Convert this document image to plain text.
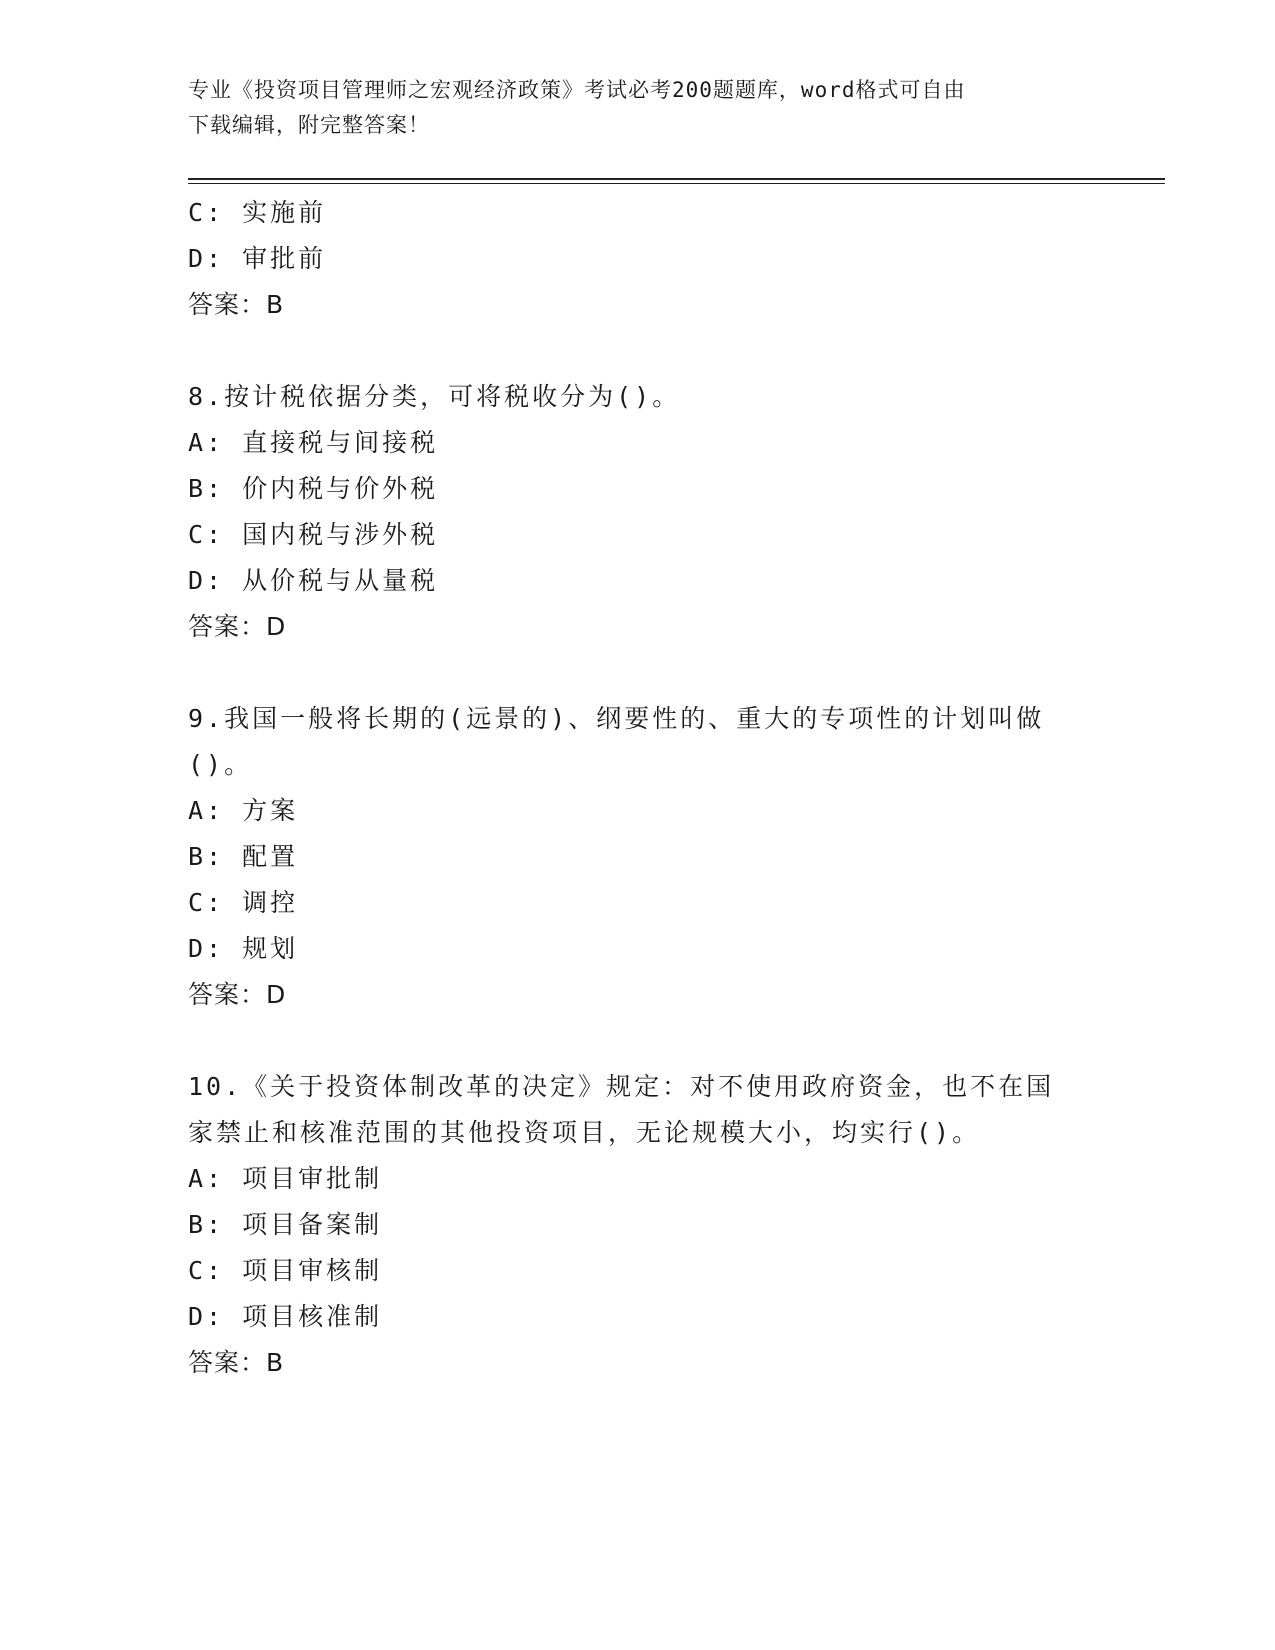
专业《投资项目管理师之宏观经济政策》考试必考200题题库，word格式可自由
下载编辑，附完整答案！
C: 实施前
D: 审批前
答案：B
8.按计税依据分类，可将税收分为()。
A: 直接税与间接税
B: 价内税与价外税
C: 国内税与涉外税
D: 从价税与从量税
答案：D
9.我国一般将长期的(远景的)、纲要性的、重大的专项性的计划叫做
()。
A: 方案
B: 配置
C: 调控
D: 规划
答案：D
10.《关于投资体制改革的决定》规定：对不使用政府资金，也不在国
家禁止和核准范围的其他投资项目，无论规模大小，均实行()。
A: 项目审批制
B: 项目备案制
C: 项目审核制
D: 项目核准制
答案：B
